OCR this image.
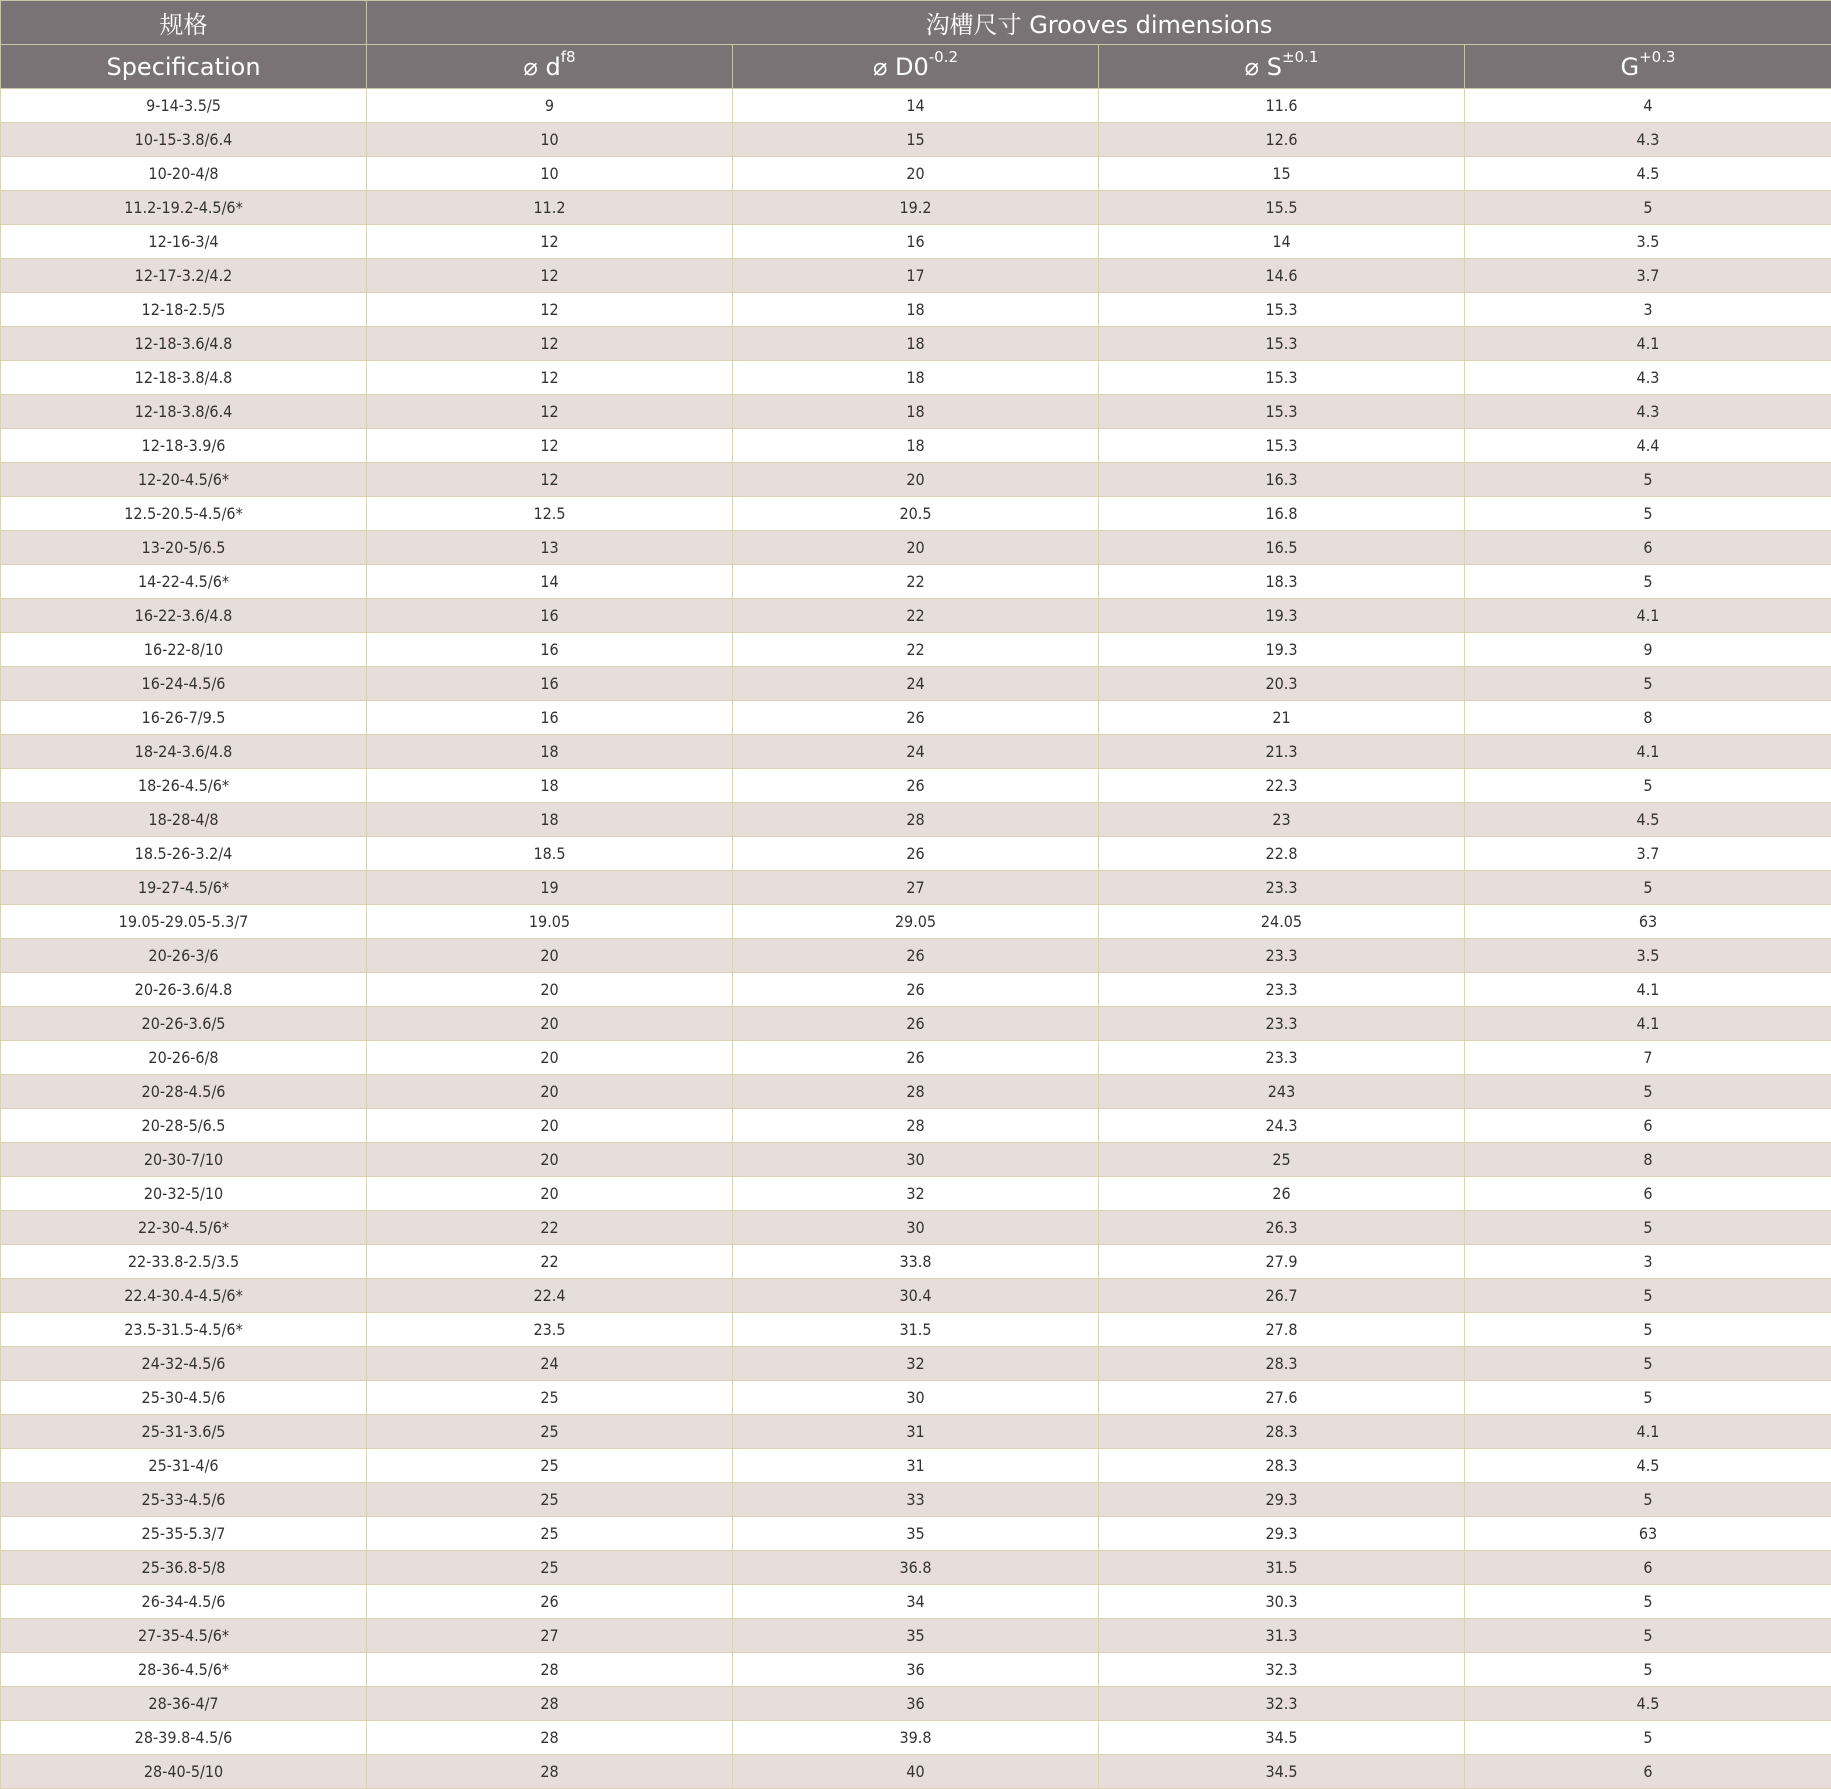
规格	沟槽尺寸 Grooves dimensions			
Specification	⌀ $d^{f8}$	⌀ $D0^{-0.2}$	⌀ $S^{\pm 0.1}$	$G^{+0.3}$
9-14-3.5/5	9	14	11.6	4
10-15-3.8/6.4	10	15	12.6	4.3
10-20-4/8	10	20	15	4.5
11.2-19.2-4.5/6*	11.2	19.2	15.5	5
12-16-3/4	12	16	14	3.5
12-17-3.2/4.2	12	17	14.6	3.7
12-18-2.5/5	12	18	15.3	3
12-18-3.6/4.8	12	18	15.3	4.1
12-18-3.8/4.8	12	18	15.3	4.3
12-18-3.8/6.4	12	18	15.3	4.3
12-18-3.9/6	12	18	15.3	4.4
12-20-4.5/6*	12	20	16.3	5
12.5-20.5-4.5/6*	12.5	20.5	16.8	5
13-20-5/6.5	13	20	16.5	6
14-22-4.5/6*	14	22	18.3	5
16-22-3.6/4.8	16	22	19.3	4.1
16-22-8/10	16	22	19.3	9
16-24-4.5/6	16	24	20.3	5
16-26-7/9.5	16	26	21	8
18-24-3.6/4.8	18	24	21.3	4.1
18-26-4.5/6*	18	26	22.3	5
18-28-4/8	18	28	23	4.5
18.5-26-3.2/4	18.5	26	22.8	3.7
19-27-4.5/6*	19	27	23.3	5
19.05-29.05-5.3/7	19.05	29.05	24.05	63
20-26-3/6	20	26	23.3	3.5
20-26-3.6/4.8	20	26	23.3	4.1
20-26-3.6/5	20	26	23.3	4.1
20-26-6/8	20	26	23.3	7
20-28-4.5/6	20	28	243	5
20-28-5/6.5	20	28	24.3	6
20-30-7/10	20	30	25	8
20-32-5/10	20	32	26	6
22-30-4.5/6*	22	30	26.3	5
22-33.8-2.5/3.5	22	33.8	27.9	3
22.4-30.4-4.5/6*	22.4	30.4	26.7	5
23.5-31.5-4.5/6*	23.5	31.5	27.8	5
24-32-4.5/6	24	32	28.3	5
25-30-4.5/6	25	30	27.6	5
25-31-3.6/5	25	31	28.3	4.1
25-31-4/6	25	31	28.3	4.5
25-33-4.5/6	25	33	29.3	5
25-35-5.3/7	25	35	29.3	63
25-36.8-5/8	25	36.8	31.5	6
26-34-4.5/6	26	34	30.3	5
27-35-4.5/6*	27	35	31.3	5
28-36-4.5/6*	28	36	32.3	5
28-36-4/7	28	36	32.3	4.5
28-39.8-4.5/6	28	39.8	34.5	5
28-40-5/10	28	40	34.5	6
